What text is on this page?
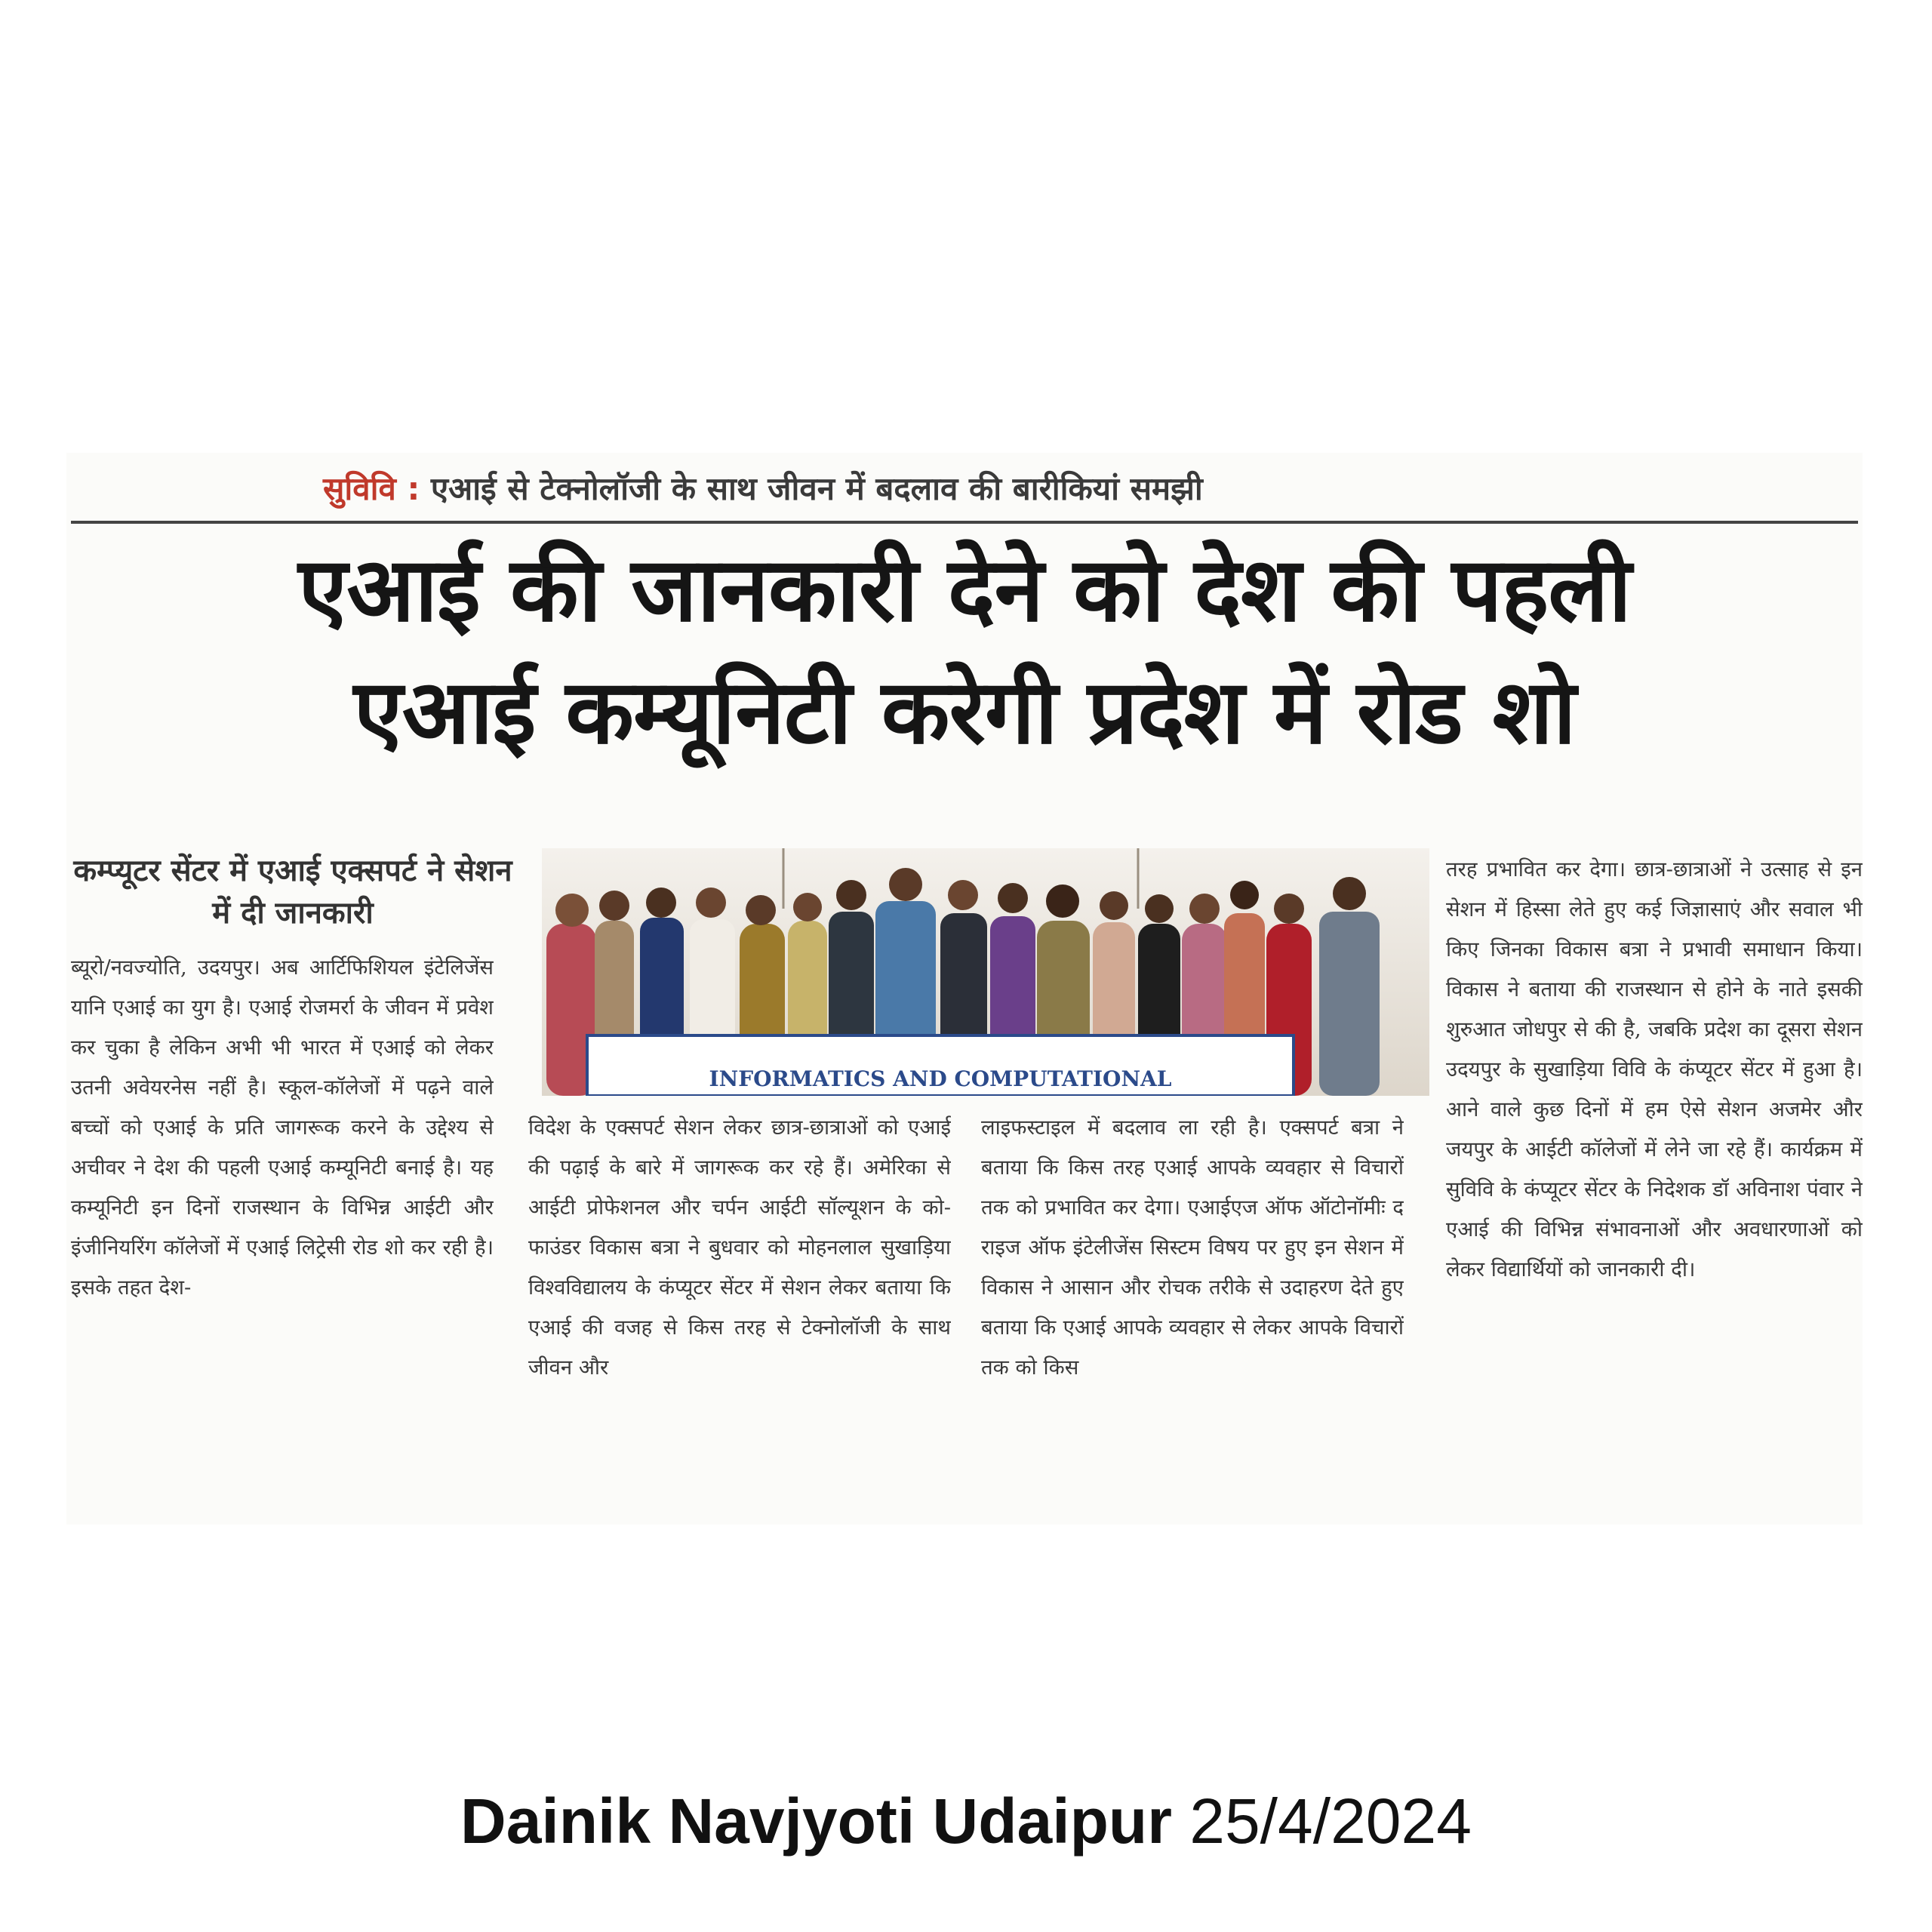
सुविवि : एआई से टेक्नोलॉजी के साथ जीवन में बदलाव की बारीकियां समझी
एआई की जानकारी देने को देश की पहली
एआई कम्यूनिटी करेगी प्रदेश में रोड शो
कम्प्यूटर सेंटर में एआई एक्सपर्ट ने सेशन में दी जानकारी
INFORMATICS AND COMPUTATIONAL
ब्यूरो/नवज्योति, उदयपुर। अब आर्टिफिशियल इंटेलिजेंस यानि एआई का युग है। एआई रोजमर्रा के जीवन में प्रवेश कर चुका है लेकिन अभी भी भारत में एआई को लेकर उतनी अवेयरनेस नहीं है। स्कूल-कॉलेजों में पढ़ने वाले बच्चों को एआई के प्रति जागरूक करने के उद्देश्य से अचीवर ने देश की पहली एआई कम्यूनिटी बनाई है। यह कम्यूनिटी इन दिनों राजस्थान के विभिन्न आईटी और इंजीनियरिंग कॉलेजों में एआई लिट्रेसी रोड शो कर रही है। इसके तहत देश-
विदेश के एक्सपर्ट सेशन लेकर छात्र-छात्राओं को एआई की पढ़ाई के बारे में जागरूक कर रहे हैं। अमेरिका से आईटी प्रोफेशनल और चर्पन आईटी सॉल्यूशन के को-फाउंडर विकास बत्रा ने बुधवार को मोहनलाल सुखाड़िया विश्वविद्यालय के कंप्यूटर सेंटर में सेशन लेकर बताया कि एआई की वजह से किस तरह से टेक्नोलॉजी के साथ जीवन और
लाइफस्टाइल में बदलाव ला रही है। एक्सपर्ट बत्रा ने बताया कि किस तरह एआई आपके व्यवहार से विचारों तक को प्रभावित कर देगा। एआईएज ऑफ ऑटोनॉमीः द राइज ऑफ इंटेलीजेंस सिस्टम विषय पर हुए इन सेशन में विकास ने आसान और रोचक तरीके से उदाहरण देते हुए बताया कि एआई आपके व्यवहार से लेकर आपके विचारों तक को किस
तरह प्रभावित कर देगा। छात्र-छात्राओं ने उत्साह से इन सेशन में हिस्सा लेते हुए कई जिज्ञासाएं और सवाल भी किए जिनका विकास बत्रा ने प्रभावी समाधान किया। विकास ने बताया की राजस्थान से होने के नाते इसकी शुरुआत जोधपुर से की है, जबकि प्रदेश का दूसरा सेशन उदयपुर के सुखाड़िया विवि के कंप्यूटर सेंटर में हुआ है। आने वाले कुछ दिनों में हम ऐसे सेशन अजमेर और जयपुर के आईटी कॉलेजों में लेने जा रहे हैं। कार्यक्रम में सुविवि के कंप्यूटर सेंटर के निदेशक डॉ अविनाश पंवार ने एआई की विभिन्न संभावनाओं और अवधारणाओं को लेकर विद्यार्थियों को जानकारी दी।
Dainik Navjyoti Udaipur 25/4/2024
